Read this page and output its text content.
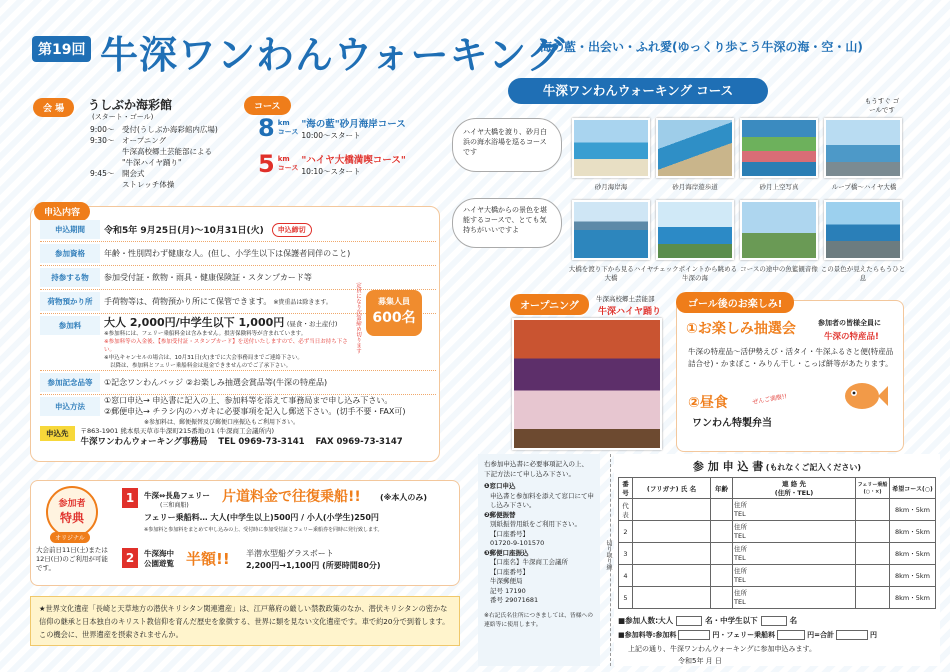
第19回 牛深ワンわんウォーキング
海の藍・出会い・ふれ愛(ゆっくり歩こう牛深の海・空・山)
会 場	うしぶか海彩館
(スタート・ゴール)
9:00〜	受付(うしぶか海彩館内広場)
9:30〜	オープニング
牛深高校郷土芸能部による
"牛深ハイヤ踊り"
9:45〜	開会式
ストレッチ体操
コース
8 km
コース
"海の藍"砂月海岸コース
10:00〜スタート
5 km
コース
"ハイヤ大橋満喫コース"
10:10〜スタート
牛深ワンわんウォーキング コース
もうすぐ ゴールです
ハイヤ大橋を渡り、砂月白浜の海水浴場を巡るコースです
ハイヤ大橋からの景色を堪能するコースで、とても気持ちがいいですよ
砂月海岸海	砂月海岸遊歩道	砂月上空写真	ループ橋〜ハイヤ大橋
大橋を渡り下から見るハイヤ大橋
チェックポイントから眺める牛深の海
コースの途中の魚籃観音像 この景色が見えたらもうひと息
申込内容
申込期間	令和5年 9月25日(月)〜10月31日(火)	申込締切
参加資格	年齢・性別問わず健康な人。(但し、小学生以下は保護者同伴のこと)
持参する物	参加受付証・飲物・雨具・健康保険証・スタンプカード等
荷物預かり所	手荷物等は、荷物預かり所にて保管できます。 ※貴重品は除きます。
参加料	大人 2,000円/中学生以下 1,000円 (昼食・お土産付)
※参加料には、フェリー乗船料金は含みません。損害保険料等が含まれています。
※参加料等の入金後、【参加受付証・スタンプカード】を送付いたしますので、必ず当日お持ち下さい。
※申込キャンセルの場合は、10月31日(火)までに大会事務局までご連絡下さい。
以降は、参加料とフェリー乗船料金は返金できませんのでご了承下さい。
参加記念品等	①記念ワンわんバッジ ②お楽しみ抽選会賞品等(牛深の特産品)
申込方法
①窓口申込→ 申込書に記入の上、参加料等を添えて事務局まで申し込み下さい。
②郵便申込→ チラシ内のハガキに必要事項を記入し郵送下さい。(切手不要・FAX可)
※参加料は、郵便振替及び郵便口座振込もご利用下さい。
定員になり次第締め切ります	募集人員
600名
申込先	〒863-1901 熊本県天草市牛深町215番地の1 (牛深商工会議所内)
牛深ワンわんウォーキング事務局 TEL 0969-73-3141 FAX 0969-73-3147
オープニング
牛深高校郷土芸能部
牛深ハイヤ踊り
ゴール後のお楽しみ!
①お楽しみ抽選会	参加者の皆様全員に
牛深の特産品!
牛深の特産品〜活伊勢えび・活タイ・牛深ふるさと便(特産品詰合せ)・かまぼこ・みりん干し・こっぱ餅等があたります。
②昼食	ぜんご満腹!!
ワンわん特製弁当
参加者
特典
オリジナル
大会前日11日(土)または12日(日)のご利用が可能です。
1	牛深⇔長島フェリー
(三和商船)
片道料金で往復乗船!! (※本人のみ)
フェリー乗船料… 大人(中学生以上)500円 / 小人(小学生)250円
※参加料と参加料をまとめて申し込みの上、受付時に参加受付証とフェリー乗船券を同時に発行致します。
2	牛深海中
公園遊覧 半額!! 半潜水型船グラスボート
2,200円→1,100円 (所要時間80分)
★世界文化遺産「長崎と天草地方の潜伏キリシタン関連遺産」は、江戸幕府の厳しい禁教政策のなか、潜伏キリシタンの密かな信仰の継承と日本独自のキリスト教信仰を育んだ歴史を象徴する、世界に類を見ない文化遺産です。車で約20分で到着します。この機会に、世界遺産を摂索されませんか。
右参加申込書に必要事項記入の上、下記方法にて申し込み下さい。
❶窓口申込
申込書と参加料を添えて窓口にて申し込み下さい。
❷郵便振替
別紙振替用紙をご利用下さい。
【口座番号】
01720-9-101570
❸郵便口座振込
【口座名】牛深商工会議所
【口座番号】
牛深郵便局
記号 17190
番号 29071681
※右記氏名住所につきましては、皆様への連絡等に使用します。
切り取り線
参 加 申 込 書 (もれなくご記入ください)
番号	(フリガナ) 氏 名	年齢	連 絡 先
(住所・TEL)	フェリー乗船(○・×)	希望コース(○)
代表			住所
TEL		8km・5km
2			住所
TEL		8km・5km
3			住所
TEL		8km・5km
4			住所
TEL		8km・5km
5			住所
TEL		8km・5km
■参加人数:大人	名・中学生以下	名
■参加料等:参加料	円・フェリー乗船料	円=合計	円
上記の通り、牛深ワンわんウォーキングに参加申込みます。
令和5年 月 日
